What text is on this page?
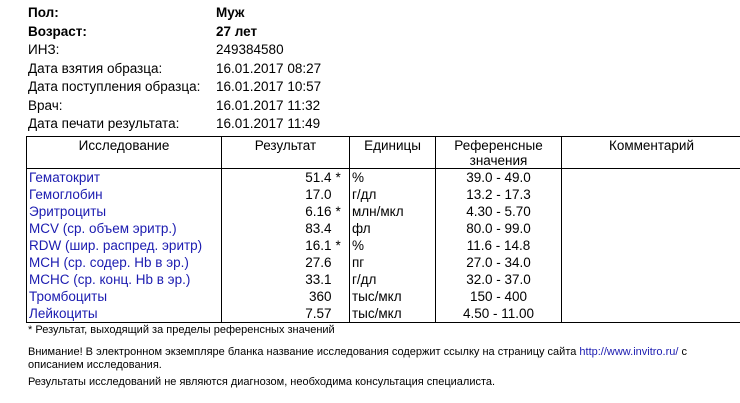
Пол:	Муж
Возраст:	27 лет
ИНЗ:	249384580
Дата взятия образца:	16.01.2017 08:27
Дата поступления образца:	16.01.2017 10:57
Врач:	16.01.2017 11:32
Дата печати результата:	16.01.2017 11:49
Исследование	Результат		Единицы	Референсные значения	Комментарий
Гематокрит	51.4	*	%	39.0 - 49.0	
Гемоглобин	17.0		г/дл	13.2 - 17.3	
Эритроциты	6.16	*	млн/мкл	4.30 - 5.70	
MCV (ср. объем эритр.)	83.4		фл	80.0 - 99.0	
RDW (шир. распред. эритр)	16.1	*	%	11.6 - 14.8	
MCH (ср. содер. Hb в эр.)	27.6		пг	27.0 - 34.0	
MCHC (ср. конц. Hb в эр.)	33.1		г/дл	32.0 - 37.0	
Тромбоциты	360		тыс/мкл	150 - 400	
Лейкоциты	7.57		тыс/мкл	4.50 - 11.00	
* Результат, выходящий за пределы референсных значений
Внимание! В электронном экземпляре бланка название исследования содержит ссылку на страницу сайта http://www.invitro.ru/ с описанием исследования.
Результаты исследований не являются диагнозом, необходима консультация специалиста.
